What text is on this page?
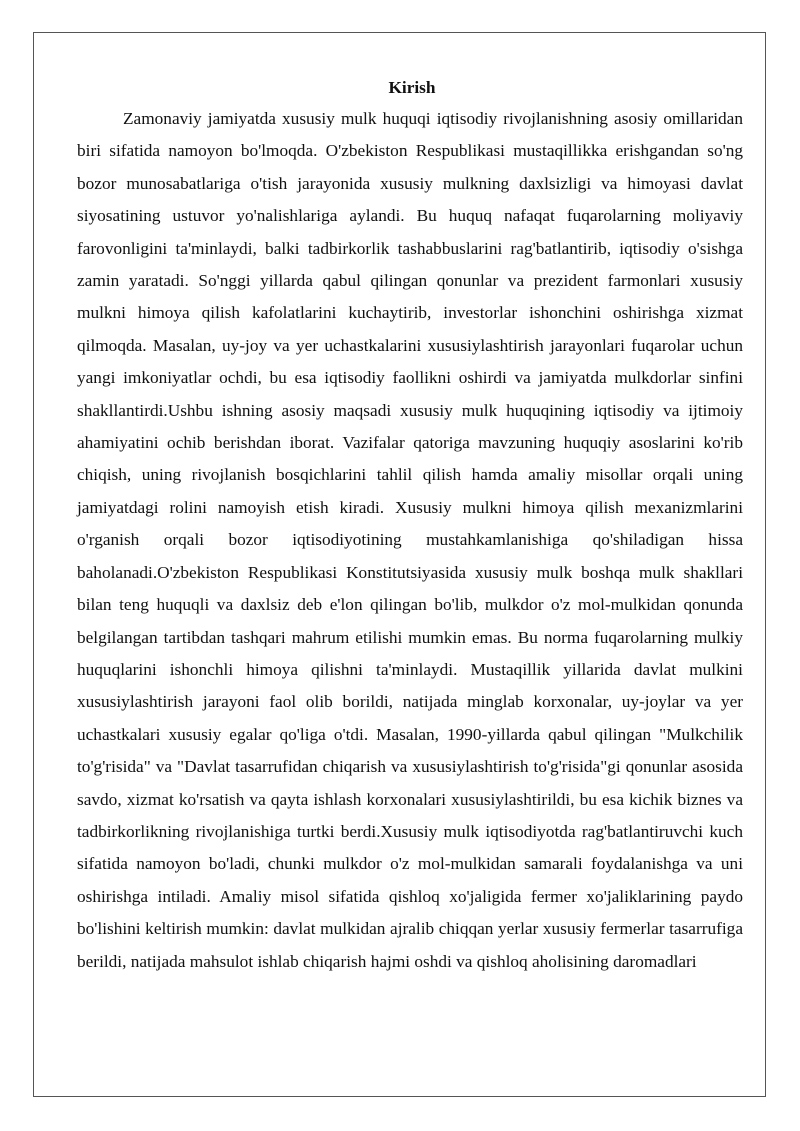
Kirish

Zamonaviy jamiyatda xususiy mulk huquqi iqtisodiy rivojlanishning asosiy omillaridan biri sifatida namoyon bo'lmoqda. O'zbekiston Respublikasi mustaqillikka erishgandan so'ng bozor munosabatlariga o'tish jarayonida xususiy mulkning daxlsizligi va himoyasi davlat siyosatining ustuvor yo'nalishlariga aylandi. Bu huquq nafaqat fuqarolarning moliyaviy farovonligini ta'minlaydi, balki tadbirkorlik tashabbuslarini rag'batlantirib, iqtisodiy o'sishga zamin yaratadi. So'nggi yillarda qabul qilingan qonunlar va prezident farmonlari xususiy mulkni himoya qilish kafolatlarini kuchaytirib, investorlar ishonchini oshirishga xizmat qilmoqda. Masalan, uy-joy va yer uchastkalarini xususiylashtirish jarayonlari fuqarolar uchun yangi imkoniyatlar ochdi, bu esa iqtisodiy faollikni oshirdi va jamiyatda mulkdorlar sinfini shakllantirdi.Ushbu ishning asosiy maqsadi xususiy mulk huquqining iqtisodiy va ijtimoiy ahamiyatini ochib berishdan iborat. Vazifalar qatoriga mavzuning huquqiy asoslarini ko'rib chiqish, uning rivojlanish bosqichlarini tahlil qilish hamda amaliy misollar orqali uning jamiyatdagi rolini namoyish etish kiradi. Xususiy mulkni himoya qilish mexanizmlarini o'rganish orqali bozor iqtisodiyotining mustahkamlanishiga qo'shiladigan hissa baholanadi.O'zbekiston Respublikasi Konstitutsiyasida xususiy mulk boshqa mulk shakllari bilan teng huquqli va daxlsiz deb e'lon qilingan bo'lib, mulkdor o'z mol-mulkidan qonunda belgilangan tartibdan tashqari mahrum etilishi mumkin emas. Bu norma fuqarolarning mulkiy huquqlarini ishonchli himoya qilishni ta'minlaydi. Mustaqillik yillarida davlat mulkini xususiylashtirish jarayoni faol olib borildi, natijada minglab korxonalar, uy-joylar va yer uchastkalari xususiy egalar qo'liga o'tdi. Masalan, 1990-yillarda qabul qilingan "Mulkchilik to'g'risida" va "Davlat tasarrufidan chiqarish va xususiylashtirish to'g'risida"gi qonunlar asosida savdo, xizmat ko'rsatish va qayta ishlash korxonalari xususiylashtirildi, bu esa kichik biznes va tadbirkorlikning rivojlanishiga turtki berdi.Xususiy mulk iqtisodiyotda rag'batlantiruvchi kuch sifatida namoyon bo'ladi, chunki mulkdor o'z mol-mulkidan samarali foydalanishga va uni oshirishga intiladi. Amaliy misol sifatida qishloq xo'jaligida fermer xo'jaliklarining paydo bo'lishini keltirish mumkin: davlat mulkidan ajralib chiqqan yerlar xususiy fermerlar tasarrufiga berildi, natijada mahsulot ishlab chiqarish hajmi oshdi va qishloq aholisining daromadlari
